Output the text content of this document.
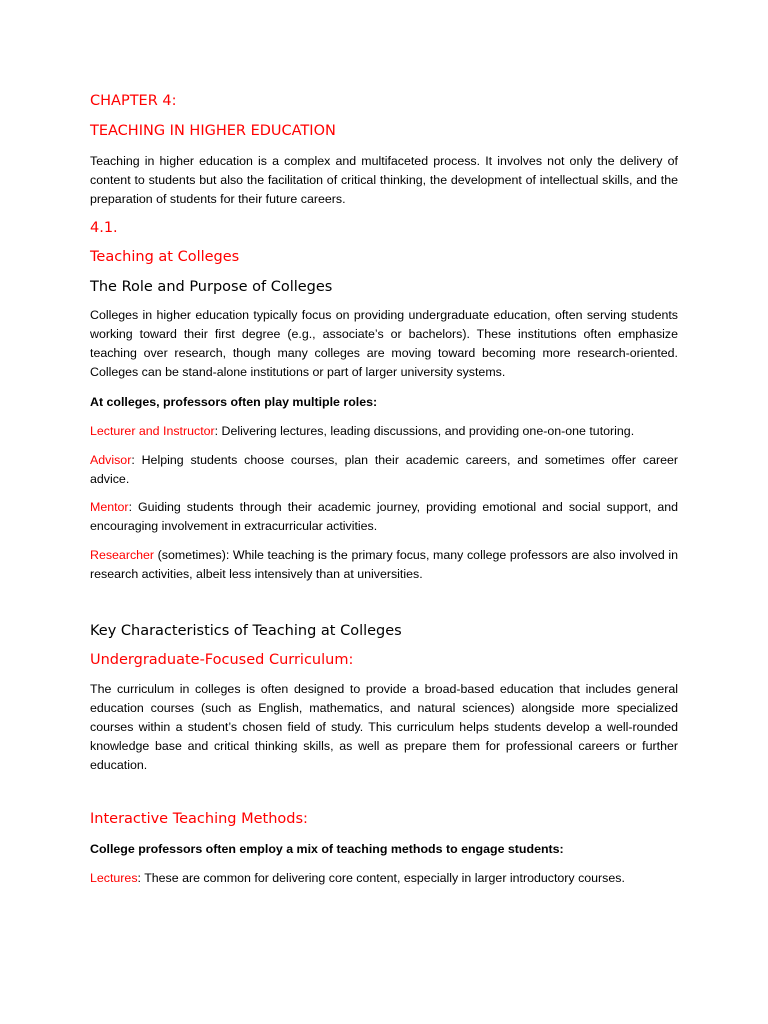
CHAPTER 4:
TEACHING IN HIGHER EDUCATION
Teaching in higher education is a complex and multifaceted process. It involves not only the delivery of content to students but also the facilitation of critical thinking, the development of intellectual skills, and the preparation of students for their future careers.
4.1.
Teaching at Colleges
The Role and Purpose of Colleges
Colleges in higher education typically focus on providing undergraduate education, often serving students working toward their first degree (e.g., associate’s or bachelors). These institutions often emphasize teaching over research, though many colleges are moving toward becoming more research-oriented. Colleges can be stand-alone institutions or part of larger university systems.
At colleges, professors often play multiple roles:
Lecturer and Instructor: Delivering lectures, leading discussions, and providing one-on-one tutoring.
Advisor: Helping students choose courses, plan their academic careers, and sometimes offer career advice.
Mentor: Guiding students through their academic journey, providing emotional and social support, and encouraging involvement in extracurricular activities.
Researcher (sometimes): While teaching is the primary focus, many college professors are also involved in research activities, albeit less intensively than at universities.
Key Characteristics of Teaching at Colleges
Undergraduate-Focused Curriculum:
The curriculum in colleges is often designed to provide a broad-based education that includes general education courses (such as English, mathematics, and natural sciences) alongside more specialized courses within a student’s chosen field of study. This curriculum helps students develop a well-rounded knowledge base and critical thinking skills, as well as prepare them for professional careers or further education.
Interactive Teaching Methods:
College professors often employ a mix of teaching methods to engage students:
Lectures: These are common for delivering core content, especially in larger introductory courses.
